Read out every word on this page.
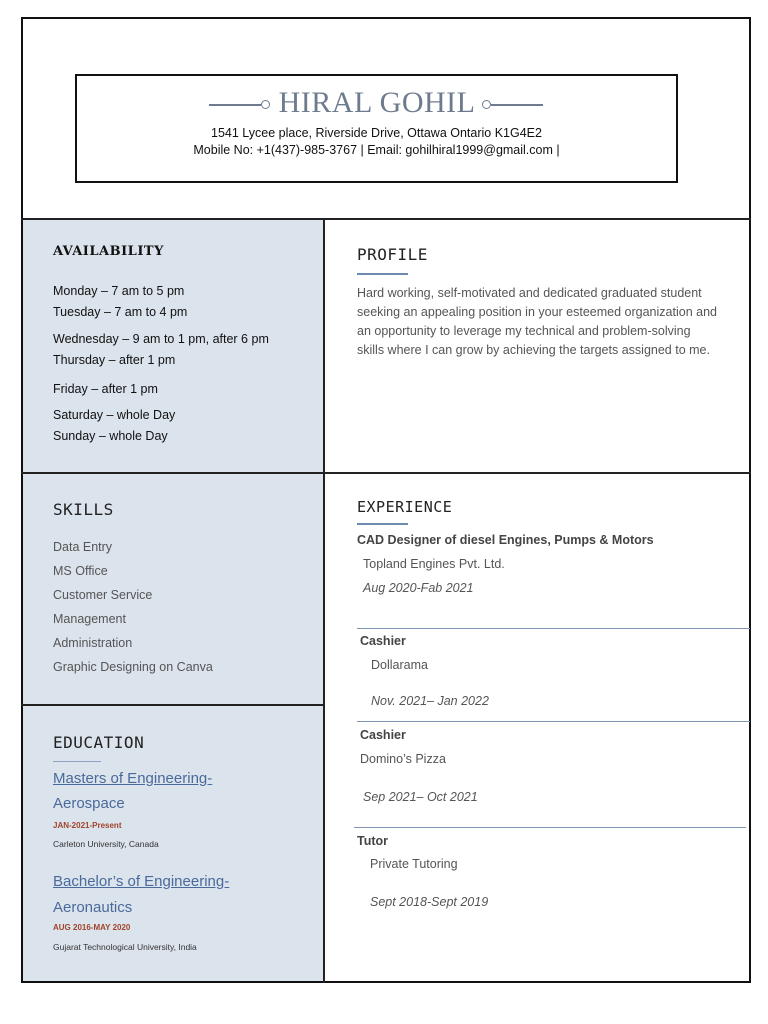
HIRAL GOHIL
1541 Lycee place, Riverside Drive, Ottawa Ontario K1G4E2
Mobile No: +1(437)-985-3767 | Email: gohilhiral1999@gmail.com |
AVAILABILITY
Monday – 7 am to 5 pm
Tuesday – 7 am to 4 pm
Wednesday – 9 am to 1 pm, after 6 pm
Thursday – after 1 pm
Friday – after 1 pm
Saturday – whole Day
Sunday – whole Day
PROFILE
Hard working, self-motivated and dedicated graduated student seeking an appealing position in your esteemed organization and an opportunity to leverage my technical and problem-solving skills where I can grow by achieving the targets assigned to me.
SKILLS
Data Entry
MS Office
Customer Service
Management
Administration
Graphic Designing on Canva
EDUCATION
Masters of Engineering-
Aerospace
JAN-2021-Present
Carleton University, Canada
Bachelor’s of Engineering-
Aeronautics
AUG 2016-MAY 2020
Gujarat Technological University, India
EXPERIENCE
CAD Designer of diesel Engines, Pumps & Motors
Topland Engines Pvt. Ltd.
Aug 2020-Fab 2021
Cashier
Dollarama
Nov. 2021– Jan 2022
Cashier
Domino’s Pizza
Sep 2021– Oct 2021
Tutor
Private Tutoring
Sept 2018-Sept 2019
